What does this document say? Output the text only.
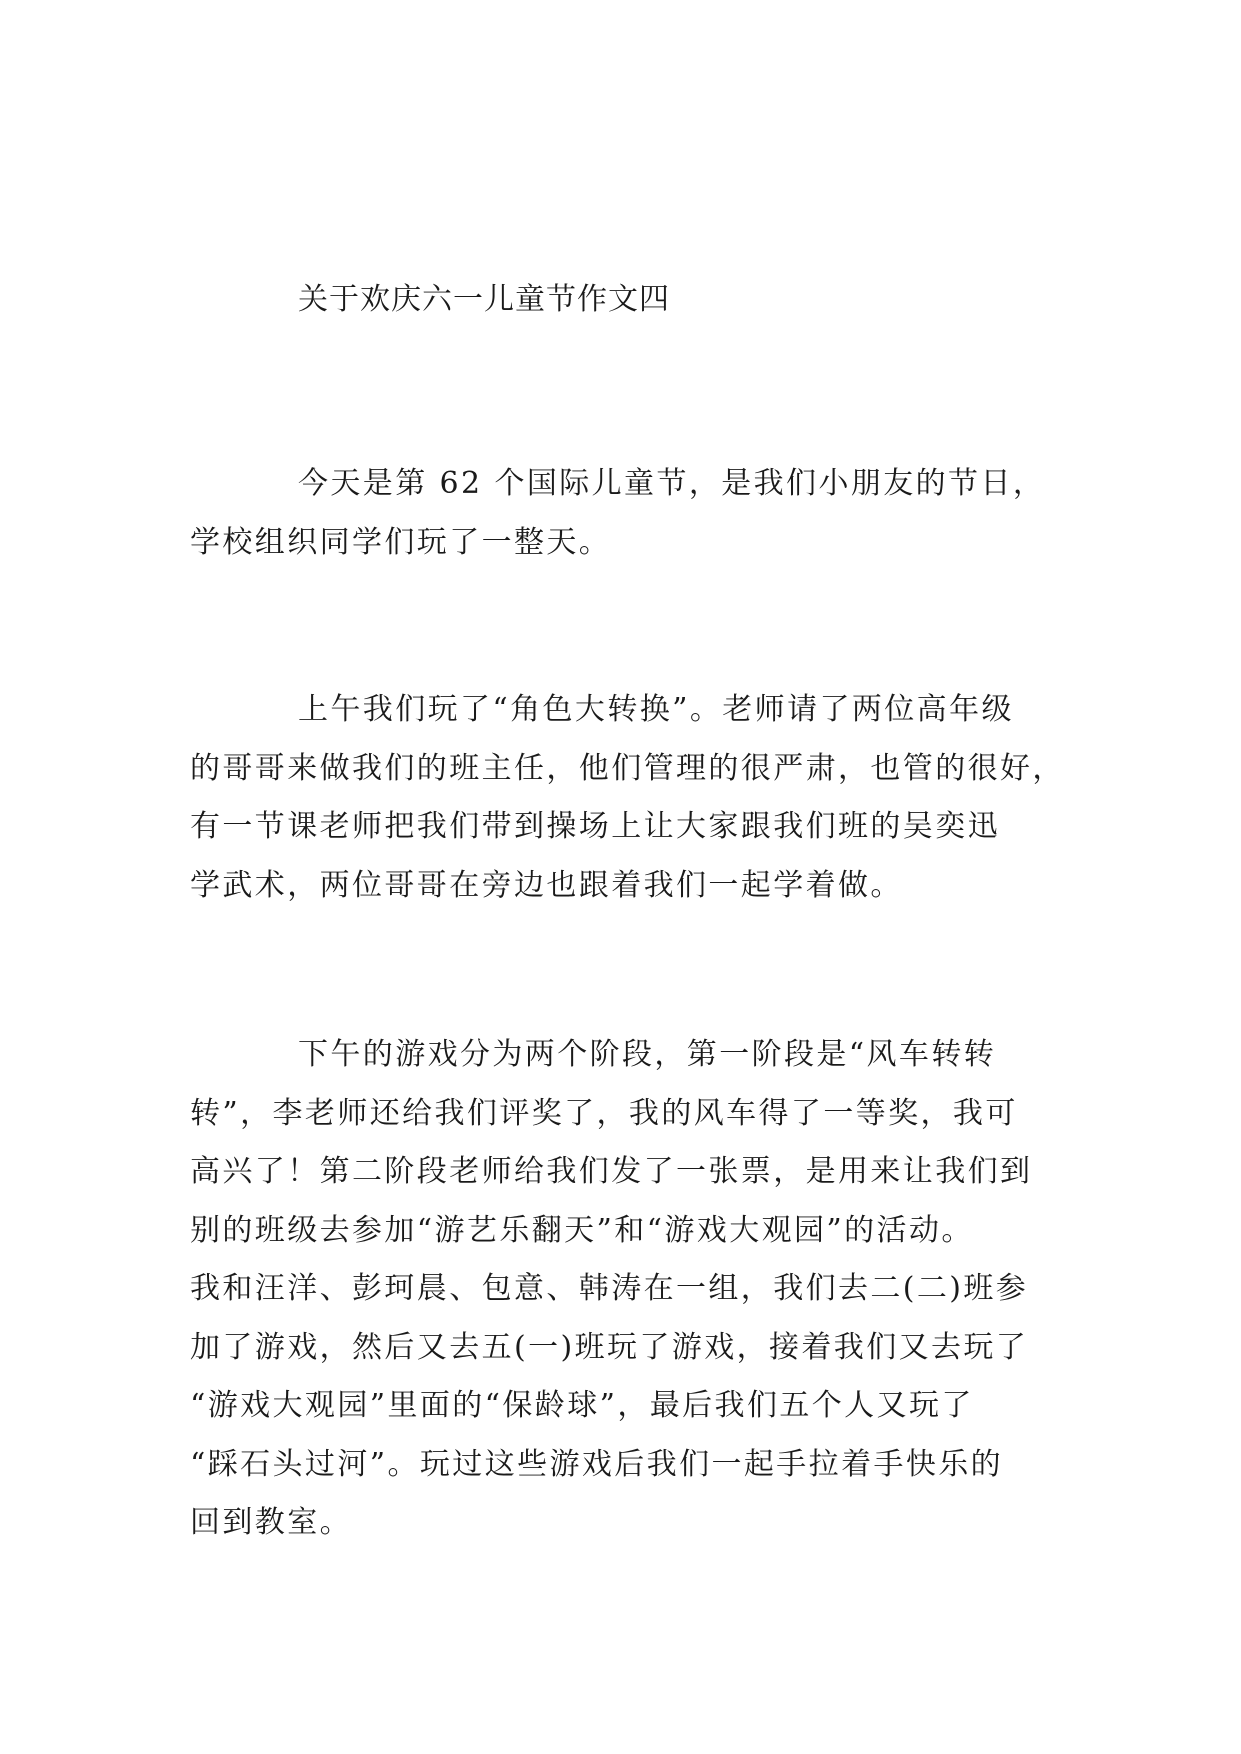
关于欢庆六一儿童节作文四

今天是第 62 个国际儿童节，是我们小朋友的节日，
学校组织同学们玩了一整天。

上午我们玩了“角色大转换”。老师请了两位高年级
的哥哥来做我们的班主任，他们管理的很严肃，也管的很好，
有一节课老师把我们带到操场上让大家跟我们班的吴奕迅
学武术，两位哥哥在旁边也跟着我们一起学着做。

下午的游戏分为两个阶段，第一阶段是“风车转转
转”，李老师还给我们评奖了，我的风车得了一等奖，我可
高兴了！第二阶段老师给我们发了一张票，是用来让我们到
别的班级去参加“游艺乐翻天”和“游戏大观园”的活动。
我和汪洋、彭珂晨、包意、韩涛在一组，我们去二(二)班参
加了游戏，然后又去五(一)班玩了游戏，接着我们又去玩了
“游戏大观园”里面的“保龄球”，最后我们五个人又玩了
“踩石头过河”。玩过这些游戏后我们一起手拉着手快乐的
回到教室。
